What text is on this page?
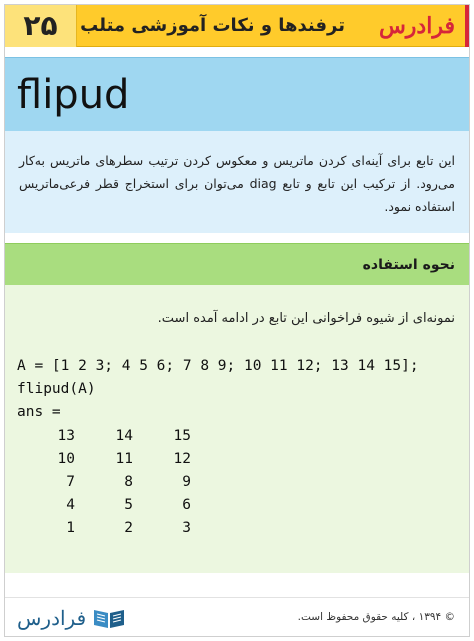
۲۵	ترفندها و نکات آموزشی متلب فرادرس
flipud

این تابع برای آینه‌ای کردن ماتریس و معکوس کردن ترتیب سطرهای ماتریس به‌کار می‌رود. از ترکیب این تابع و تابع diag می‌توان برای استخراج قطر فرعی‌ماتریس استفاده نمود.

نحوه استفاده
نمونه‌ای از شیوه فراخوانی این تابع در ادامه آمده است.
A = [1 2 3; 4 5 6; 7 8 9; 10 11 12; 13 14 15];
flipud(A)
ans =
13	14	15
10	11	12
7	8	9
4	5	6
1	2	3
فرادرس	© ۱۳۹۴ ، کلیه حقوق محفوظ است.
